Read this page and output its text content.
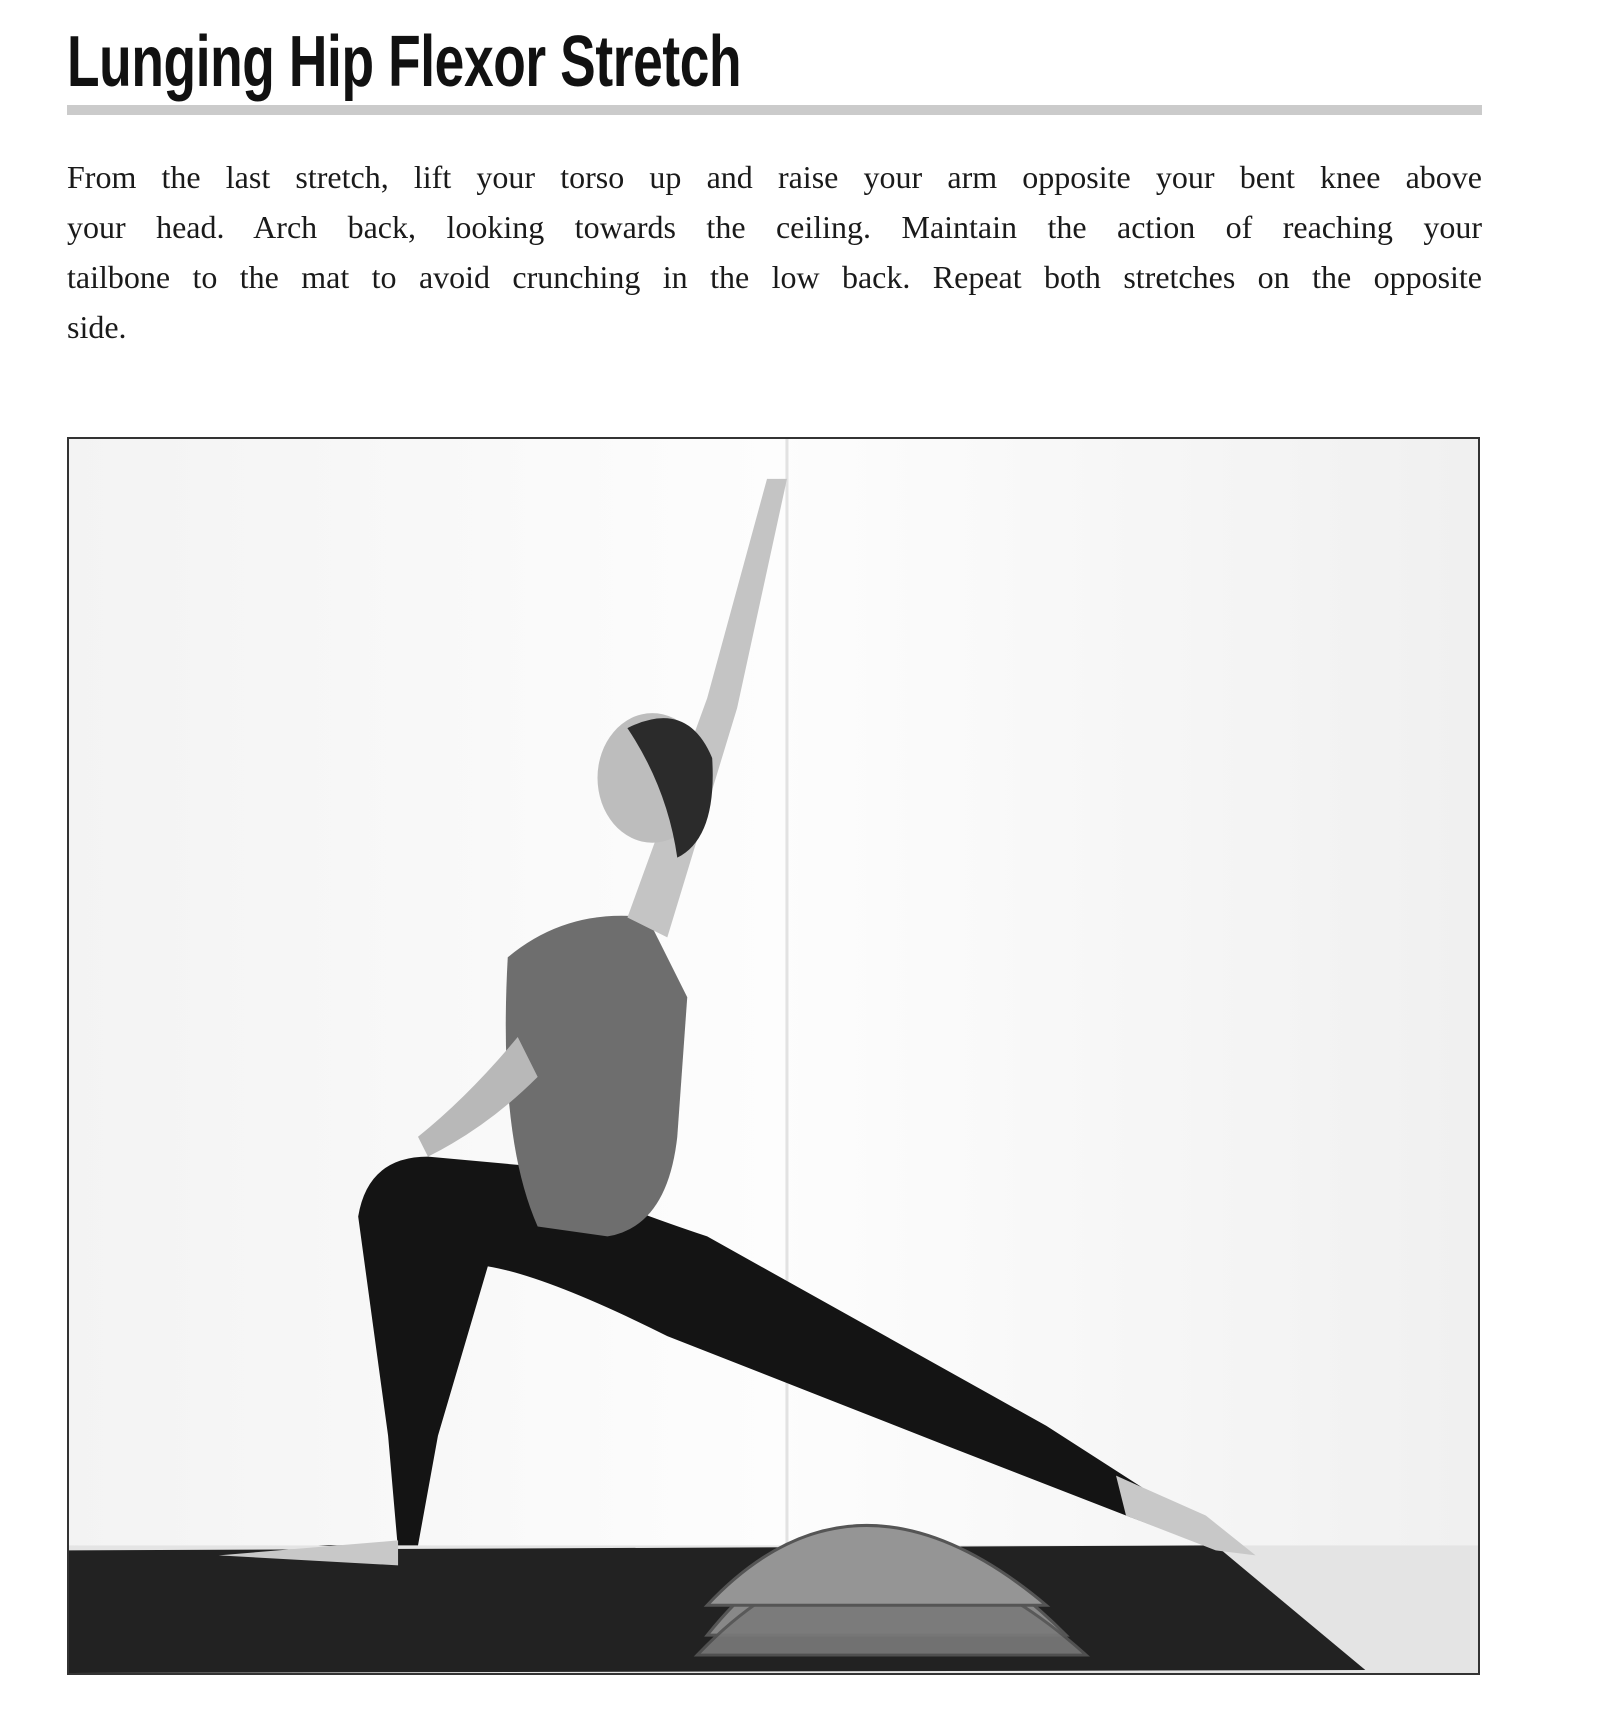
Lunging Hip Flexor Stretch
From the last stretch, lift your torso up and raise your arm opposite your bent knee above
your head. Arch back, looking towards the ceiling. Maintain the action of reaching your
tailbone to the mat to avoid crunching in the low back. Repeat both stretches on the opposite
side.
